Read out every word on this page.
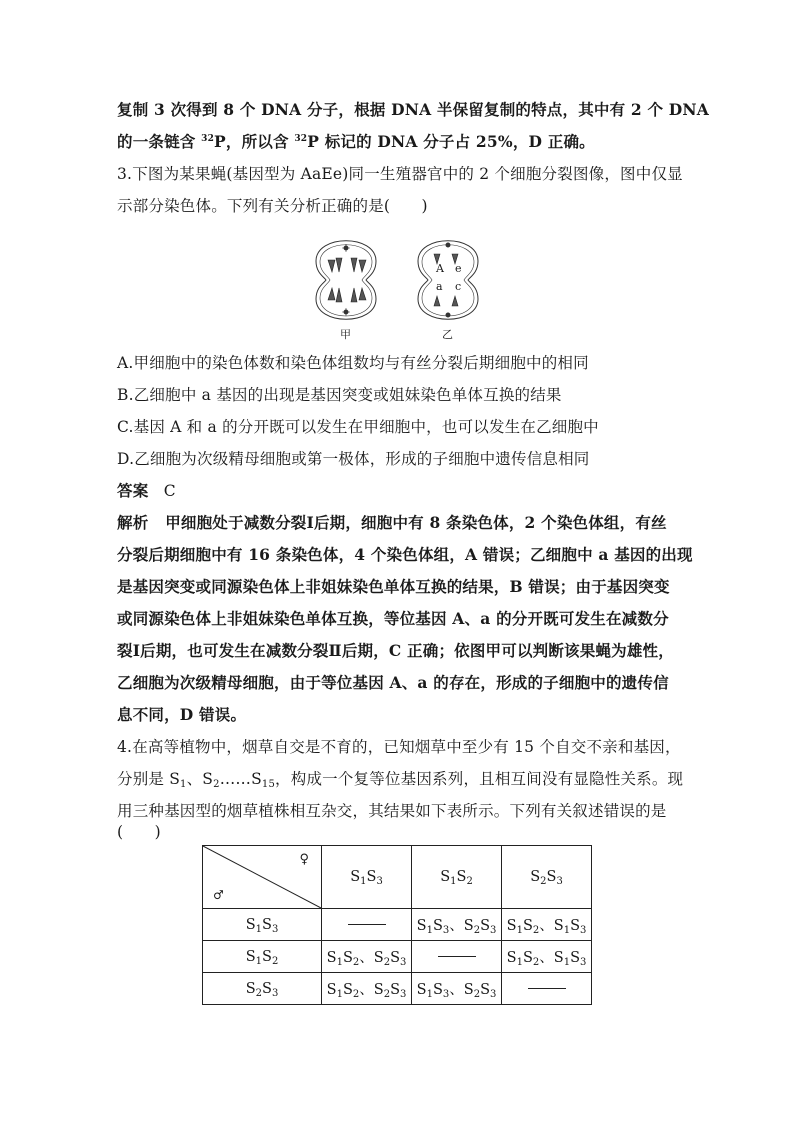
复制 3 次得到 8 个 DNA 分子，根据 DNA 半保留复制的特点，其中有 2 个 DNA
的一条链含 $^{32}$P，所以含 $^{32}$P 标记的 DNA 分子占 25%，D 正确。
3.下图为某果蝇(基因型为 AaEe)同一生殖器官中的 2 个细胞分裂图像，图中仅显
示部分染色体。下列有关分析正确的是(　　)
A e
a c
甲	乙
A.甲细胞中的染色体数和染色体组数均与有丝分裂后期细胞中的相同
B.乙细胞中 a 基因的出现是基因突变或姐妹染色单体互换的结果
C.基因 A 和 a 的分开既可以发生在甲细胞中，也可以发生在乙细胞中
D.乙细胞为次级精母细胞或第一极体，形成的子细胞中遗传信息相同
答案 C
解析 甲细胞处于减数分裂Ⅰ后期，细胞中有 8 条染色体，2 个染色体组，有丝
分裂后期细胞中有 16 条染色体，4 个染色体组，A 错误；乙细胞中 a 基因的出现
是基因突变或同源染色体上非姐妹染色单体互换的结果，B 错误；由于基因突变
或同源染色体上非姐妹染色单体互换，等位基因 A、a 的分开既可发生在减数分
裂Ⅰ后期，也可发生在减数分裂Ⅱ后期，C 正确；依图甲可以判断该果蝇为雄性，
乙细胞为次级精母细胞，由于等位基因 A、a 的存在，形成的子细胞中的遗传信
息不同，D 错误。
4.在高等植物中，烟草自交是不育的，已知烟草中至少有 15 个自交不亲和基因，
分别是 $S_1$、$S_2\dots\dots S_{15}$，构成一个复等位基因系列，且相互间没有显隐性关系。现
用三种基因型的烟草植株相互杂交，其结果如下表所示。下列有关叙述错误的是
(　　)
♀
♂	$S_1S_3$	$S_1S_2$	$S_2S_3$
$S_1S_3$		$S_1S_3$、$S_2S_3$	$S_1S_2$、$S_1S_3$
$S_1S_2$	$S_1S_2$、$S_2S_3$		$S_1S_2$、$S_1S_3$
$S_2S_3$	$S_1S_2$、$S_2S_3$	$S_1S_3$、$S_2S_3$	
